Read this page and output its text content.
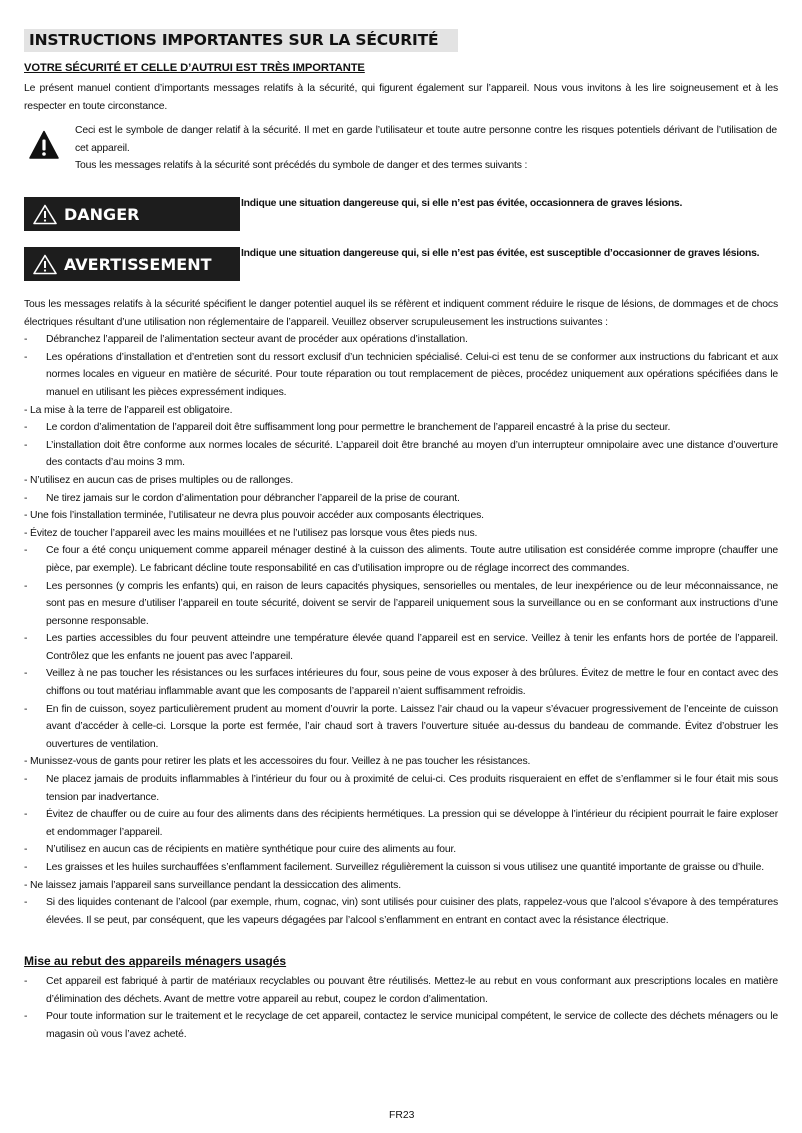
INSTRUCTIONS IMPORTANTES SUR LA SÉCURITÉ
VOTRE SÉCURITÉ ET CELLE D’AUTRUI EST TRÈS IMPORTANTE
Le présent manuel contient d’importants messages relatifs à la sécurité, qui figurent également sur l’appareil. Nous vous invitons à les lire soigneusement et à les respecter en toute circonstance.
Ceci est le symbole de danger relatif à la sécurité. Il met en garde l’utilisateur et toute autre personne contre les risques potentiels dérivant de l’utilisation de cet appareil.
Tous les messages relatifs à la sécurité sont précédés du symbole de danger et des termes suivants :
DANGER
Indique une situation dangereuse qui, si elle n’est pas évitée, occasionnera de graves lésions.
AVERTISSEMENT
Indique une situation dangereuse qui, si elle n’est pas évitée, est susceptible d’occasionner de graves lésions.
Tous les messages relatifs à la sécurité spécifient le danger potentiel auquel ils se réfèrent et indiquent comment réduire le risque de lésions, de dommages et de chocs électriques résultant d’une utilisation non réglementaire de l’appareil. Veuillez observer scrupuleusement les instructions suivantes :
- Débranchez l’appareil de l’alimentation secteur avant de procéder aux opérations d’installation.
- Les opérations d’installation et d’entretien sont du ressort exclusif d’un technicien spécialisé. Celui-ci est tenu de se conformer aux instructions du fabricant et aux normes locales en vigueur en matière de sécurité. Pour toute réparation ou tout remplacement de pièces, procédez uniquement aux opérations spécifiées dans le manuel en utilisant les pièces expressément indiques.
- La mise à la terre de l’appareil est obligatoire.
- Le cordon d’alimentation de l’appareil doit être suffisamment long pour permettre le branchement de l’appareil encastré à la prise du secteur.
- L’installation doit être conforme aux normes locales de sécurité. L’appareil doit être branché au moyen d’un interrupteur omnipolaire avec une distance d’ouverture des contacts d’au moins 3 mm.
- N’utilisez en aucun cas de prises multiples ou de rallonges.
- Ne tirez jamais sur le cordon d’alimentation pour débrancher l’appareil de la prise de courant.
- Une fois l’installation terminée, l’utilisateur ne devra plus pouvoir accéder aux composants électriques.
- Évitez de toucher l’appareil avec les mains mouillées et ne l’utilisez pas lorsque vous êtes pieds nus.
- Ce four a été conçu uniquement comme appareil ménager destiné à la cuisson des aliments. Toute autre utilisation est considérée comme impropre (chauffer une pièce, par exemple). Le fabricant décline toute responsabilité en cas d’utilisation impropre ou de réglage incorrect des commandes.
- Les personnes (y compris les enfants) qui, en raison de leurs capacités physiques, sensorielles ou mentales, de leur inexpérience ou de leur méconnaissance, ne sont pas en mesure d’utiliser l’appareil en toute sécurité, doivent se servir de l’appareil uniquement sous la surveillance ou en se conformant aux instructions d’une personne responsable.
- Les parties accessibles du four peuvent atteindre une température élevée quand l’appareil est en service. Veillez à tenir les enfants hors de portée de l’appareil. Contrôlez que les enfants ne jouent pas avec l’appareil.
- Veillez à ne pas toucher les résistances ou les surfaces intérieures du four, sous peine de vous exposer à des brûlures. Évitez de mettre le four en contact avec des chiffons ou tout matériau inflammable avant que les composants de l’appareil n’aient suffisamment refroidis.
- En fin de cuisson, soyez particulièrement prudent au moment d’ouvrir la porte. Laissez l’air chaud ou la vapeur s’évacuer progressivement de l’enceinte de cuisson avant d’accéder à celle-ci. Lorsque la porte est fermée, l’air chaud sort à travers l’ouverture située au-dessus du bandeau de commande. Évitez d’obstruer les ouvertures de ventilation.
- Munissez-vous de gants pour retirer les plats et les accessoires du four. Veillez à ne pas toucher les résistances.
- Ne placez jamais de produits inflammables à l’intérieur du four ou à proximité de celui-ci. Ces produits risqueraient en effet de s’enflammer si le four était mis sous tension par inadvertance.
- Évitez de chauffer ou de cuire au four des aliments dans des récipients hermétiques. La pression qui se développe à l’intérieur du récipient pourrait le faire exploser et endommager l’appareil.
- N’utilisez en aucun cas de récipients en matière synthétique pour cuire des aliments au four.
- Les graisses et les huiles surchauffées s’enflamment facilement. Surveillez régulièrement la cuisson si vous utilisez une quantité importante de graisse ou d’huile.
- Ne laissez jamais l’appareil sans surveillance pendant la dessiccation des aliments.
- Si des liquides contenant de l’alcool (par exemple, rhum, cognac, vin) sont utilisés pour cuisiner des plats, rappelez-vous que l’alcool s’évapore à des températures élevées. Il se peut, par conséquent, que les vapeurs dégagées par l’alcool s’enflamment en entrant en contact avec la résistance électrique.
Mise au rebut des appareils ménagers usagés
- Cet appareil est fabriqué à partir de matériaux recyclables ou pouvant être réutilisés. Mettez-le au rebut en vous conformant aux prescriptions locales en matière d’élimination des déchets. Avant de mettre votre appareil au rebut, coupez le cordon d’alimentation.
- Pour toute information sur le traitement et le recyclage de cet appareil, contactez le service municipal compétent, le service de collecte des déchets ménagers ou le magasin où vous l’avez acheté.
FR23
